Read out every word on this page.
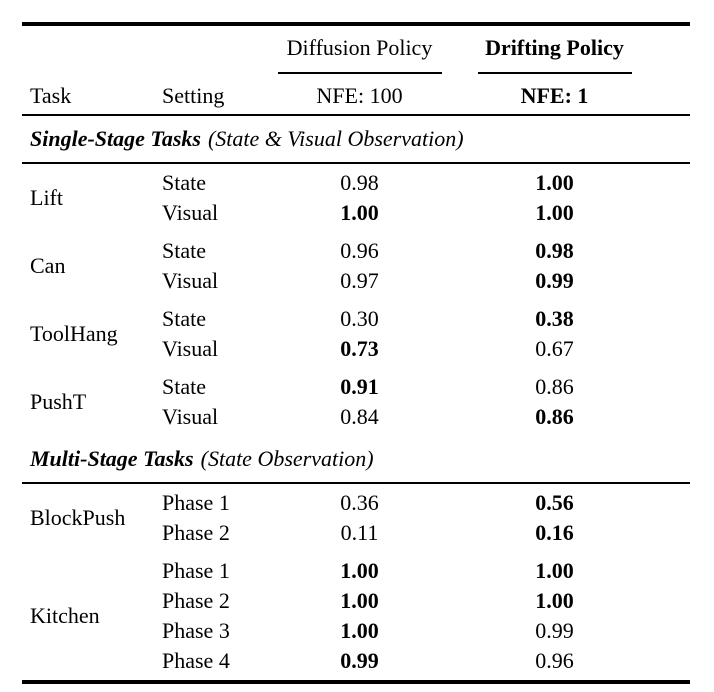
Diffusion Policy	Drifting Policy
Task	Setting	NFE: 100	NFE: 1
Single-Stage Tasks (State & Visual Observation)
Lift
State	0.98	1.00
Visual	1.00	1.00
Can
State	0.96	0.98
Visual	0.97	0.99
ToolHang
State	0.30	0.38
Visual	0.73	0.67
PushT
State	0.91	0.86
Visual	0.84	0.86
Multi-Stage Tasks (State Observation)
BlockPush
Phase 1	0.36	0.56
Phase 2	0.11	0.16
Kitchen
Phase 1	1.00	1.00
Phase 2	1.00	1.00
Phase 3	1.00	0.99
Phase 4	0.99	0.96
